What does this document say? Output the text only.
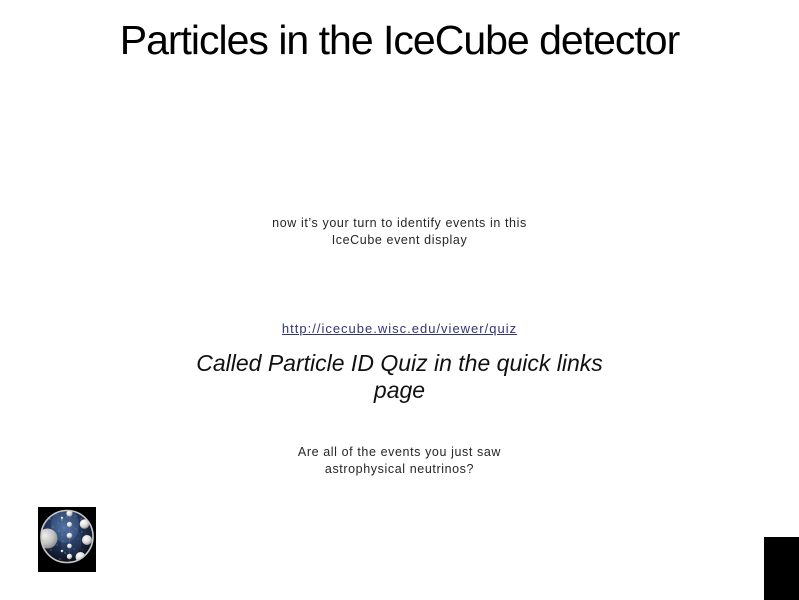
Particles in the IceCube detector
now it’s your turn to identify events in this
IceCube event display
http://icecube.wisc.edu/viewer/quiz
Called Particle ID Quiz in the quick links
page
Are all of the events you just saw
astrophysical neutrinos?
